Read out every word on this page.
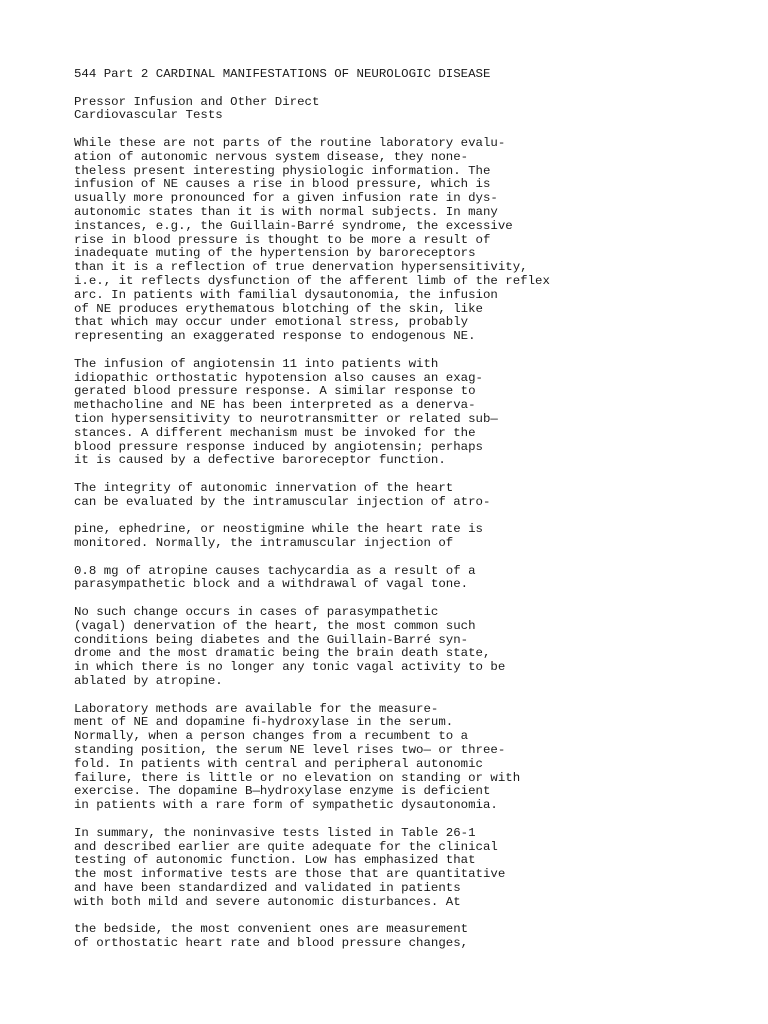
544 Part 2 CARDINAL MANIFESTATIONS OF NEUROLOGIC DISEASE
Pressor Infusion and Other Direct
Cardiovascular Tests
While these are not parts of the routine laboratory evalu-
ation of autonomic nervous system disease, they none-
theless present interesting physiologic information. The
infusion of NE causes a rise in blood pressure, which is
usually more pronounced for a given infusion rate in dys-
autonomic states than it is with normal subjects. In many
instances, e.g., the Guillain-Barré syndrome, the excessive
rise in blood pressure is thought to be more a result of
inadequate muting of the hypertension by baroreceptors
than it is a reflection of true denervation hypersensitivity,
i.e., it reflects dysfunction of the afferent limb of the reflex
arc. In patients with familial dysautonomia, the infusion
of NE produces erythematous blotching of the skin, like
that which may occur under emotional stress, probably
representing an exaggerated response to endogenous NE.
The infusion of angiotensin 11 into patients with
idiopathic orthostatic hypotension also causes an exag-
gerated blood pressure response. A similar response to
methacholine and NE has been interpreted as a denerva-
tion hypersensitivity to neurotransmitter or related sub—
stances. A different mechanism must be invoked for the
blood pressure response induced by angiotensin; perhaps
it is caused by a defective baroreceptor function.
The integrity of autonomic innervation of the heart
can be evaluated by the intramuscular injection of atro-
pine, ephedrine, or neostigmine while the heart rate is
monitored. Normally, the intramuscular injection of
0.8 mg of atropine causes tachycardia as a result of a
parasympathetic block and a withdrawal of vagal tone.
No such change occurs in cases of parasympathetic
(vagal) denervation of the heart, the most common such
conditions being diabetes and the Guillain-Barré syn-
drome and the most dramatic being the brain death state,
in which there is no longer any tonic vagal activity to be
ablated by atropine.
Laboratory methods are available for the measure-
ment of NE and dopamine ﬁ-hydroxylase in the serum.
Normally, when a person changes from a recumbent to a
standing position, the serum NE level rises two— or three-
fold. In patients with central and peripheral autonomic
failure, there is little or no elevation on standing or with
exercise. The dopamine B—hydroxylase enzyme is deficient
in patients with a rare form of sympathetic dysautonomia.
In summary, the noninvasive tests listed in Table 26-1
and described earlier are quite adequate for the clinical
testing of autonomic function. Low has emphasized that
the most informative tests are those that are quantitative
and have been standardized and validated in patients
with both mild and severe autonomic disturbances. At
the bedside, the most convenient ones are measurement
of orthostatic heart rate and blood pressure changes,
